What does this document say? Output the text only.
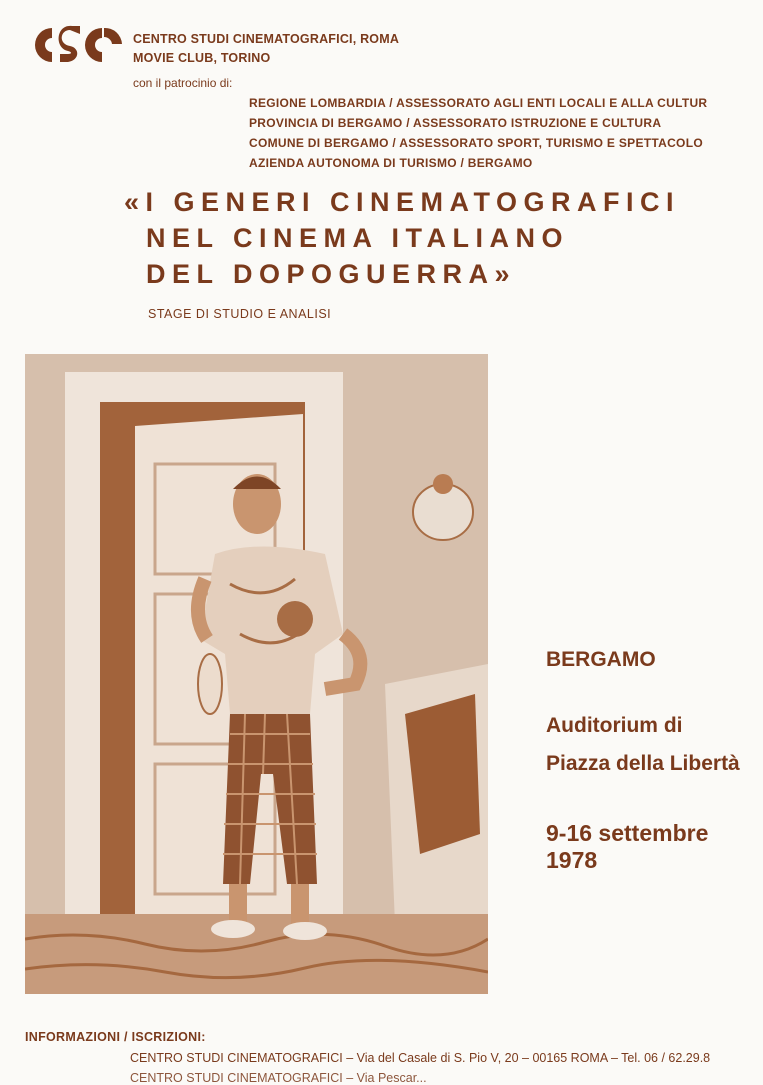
CENTRO STUDI CINEMATOGRAFICI, ROMA
MOVIE CLUB, TORINO
con il patrocinio di:
REGIONE LOMBARDIA / ASSESSORATO AGLI ENTI LOCALI E ALLA CULTUR
PROVINCIA DI BERGAMO / ASSESSORATO ISTRUZIONE E CULTURA
COMUNE DI BERGAMO / ASSESSORATO SPORT, TURISMO E SPETTACOLO
AZIENDA AUTONOMA DI TURISMO / BERGAMO
«I GENERI CINEMATOGRAFICI
NEL CINEMA ITALIANO
DEL DOPOGUERRA»
STAGE DI STUDIO E ANALISI
BERGAMO
Auditorium di
Piazza della Libertà
9-16 settembre 1978
INFORMAZIONI / ISCRIZIONI:
CENTRO STUDI CINEMATOGRAFICI – Via del Casale di S. Pio V, 20 – 00165 ROMA – Tel. 06 / 62.29.8
CENTRO STUDI CINEMATOGRAFICI – Via Pescar...
